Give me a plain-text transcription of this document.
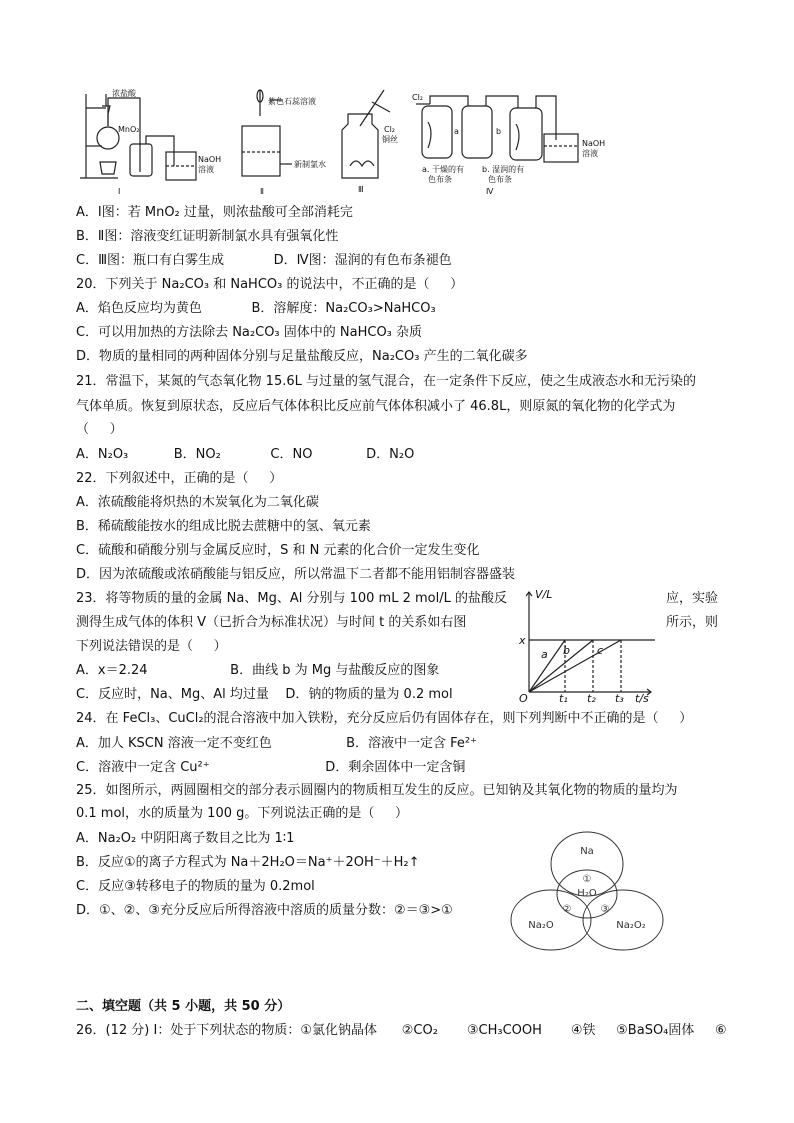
浓盐酸
MnO₂
NaOH
溶液
Ⅰ
紫色石蕊溶液
新制氯水
Ⅱ
Cl₂
铜丝
Ⅲ
Cl₂
a	b
NaOH
溶液
a. 干燥的有
色布条
b. 湿润的有
色布条
Ⅳ
A．Ⅰ图：若 MnO₂ 过量，则浓盐酸可全部消耗完
B．Ⅱ图：溶液变红证明新制氯水具有强氧化性
C．Ⅲ图：瓶口有白雾生成            D．Ⅳ图：湿润的有色布条褪色
20．下列关于 Na₂CO₃ 和 NaHCO₃ 的说法中，不正确的是（     ）
A．焰色反应均为黄色            B．溶解度：Na₂CO₃>NaHCO₃
C．可以用加热的方法除去 Na₂CO₃ 固体中的 NaHCO₃ 杂质
D．物质的量相同的两种固体分别与足量盐酸反应，Na₂CO₃ 产生的二氧化碳多
21．常温下，某氮的气态氧化物 15.6L 与过量的氢气混合，在一定条件下反应，使之生成液态水和无污染的
气体单质。恢复到原状态，反应后气体体积比反应前气体体积减小了 46.8L，则原氮的氧化物的化学式为
（     ）
A．N₂O₃           B．NO₂            C．NO             D．N₂O
22．下列叙述中，正确的是（     ）
A．浓硫酸能将炽热的木炭氧化为二氧化碳
B．稀硫酸能按水的组成比脱去蔗糖中的氢、氧元素
C．硫酸和硝酸分别与金属反应时，S 和 N 元素的化合价一定发生变化
D．因为浓硫酸或浓硝酸能与铝反应，所以常温下二者都不能用铝制容器盛装
23．将等物质的量的金属 Na、Mg、Al 分别与 100 mL 2 mol/L 的盐酸反	应，实验
测得生成气体的体积 V（已折合为标准状况）与时间 t 的关系如右图	所示，则
下列说法错误的是（     ）
A．x＝2.24                    B．曲线 b 为 Mg 与盐酸反应的图象
C．反应时，Na、Mg、Al 均过量    D．钠的物质的量为 0.2 mol
24．在 FeCl₃、CuCl₂的混合溶液中加入铁粉，充分反应后仍有固体存在，则下列判断中不正确的是（     ）
A．加人 KSCN 溶液一定不变红色                  B．溶液中一定含 Fe²⁺
C．溶液中一定含 Cu²⁺                            D．剩余固体中一定含铜
25．如图所示，两圆圈相交的部分表示圆圈内的物质相互发生的反应。已知钠及其氧化物的物质的量均为
0.1 mol，水的质量为 100 g。下列说法正确的是（     ）
A．Na₂O₂ 中阴阳离子数目之比为 1∶1
B．反应①的离子方程式为 Na＋2H₂O＝Na⁺＋2OH⁻＋H₂↑
C．反应③转移电子的物质的量为 0.2mol
D．①、②、③充分反应后所得溶液中溶质的质量分数：②＝③>①
二、填空题（共 5 小题，共 50 分）
26．(12 分) Ⅰ：处于下列状态的物质：①氯化钠晶体      ②CO₂       ③CH₃COOH       ④铁     ⑤BaSO₄固体     ⑥
V/L
t/s
O
x
a b c
t₁ t₂ t₃
Na
H₂O
Na₂O	Na₂O₂
①
②	③
